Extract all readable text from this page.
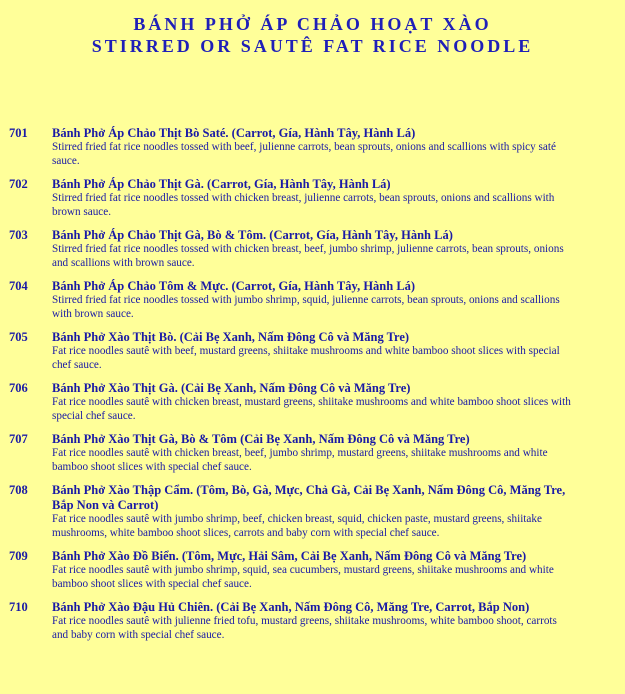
BÁNH PHỞ ÁP CHẢO HOẠT XÀO
STIRRED OR SAUTÊ FAT RICE NOODLE
701	Bánh Phở Áp Chảo Thịt Bò Saté. (Carrot, Gía, Hành Tây, Hành Lá)
Stirred fried fat rice noodles tossed with beef, julienne carrots, bean sprouts, onions and scallions with spicy saté sauce.
702	Bánh Phở Áp Chảo Thịt Gà. (Carrot, Gía, Hành Tây, Hành Lá)
Stirred fried fat rice noodles tossed with chicken breast, julienne carrots, bean sprouts, onions and scallions with brown sauce.
703	Bánh Phở Áp Chảo Thịt Gà, Bò & Tôm. (Carrot, Gía, Hành Tây, Hành Lá)
Stirred fried fat rice noodles tossed with chicken breast, beef, jumbo shrimp, julienne carrots, bean sprouts, onions and scallions with brown sauce.
704	Bánh Phở Áp Chảo Tôm & Mực. (Carrot, Gía, Hành Tây, Hành Lá)
Stirred fried fat rice noodles tossed with jumbo shrimp, squid, julienne carrots, bean sprouts, onions and scallions with brown sauce.
705	Bánh Phở Xào Thịt Bò. (Cải Bẹ Xanh, Nấm Đông Cô và Măng Tre)
Fat rice noodles sautê with beef, mustard greens, shiitake mushrooms and white bamboo shoot slices with special chef sauce.
706	Bánh Phở Xào Thịt Gà. (Cải Bẹ Xanh, Nấm Đông Cô và Măng Tre)
Fat rice noodles sautê with chicken breast, mustard greens, shiitake mushrooms and white bamboo shoot slices with special chef sauce.
707	Bánh Phở Xào Thịt Gà, Bò & Tôm (Cải Bẹ Xanh, Nấm Đông Cô và Măng Tre)
Fat rice noodles sautê with chicken breast, beef, jumbo shrimp, mustard greens, shiitake mushrooms and white bamboo shoot slices with special chef sauce.
708	Bánh Phở Xào Thập Cẩm. (Tôm, Bò, Gà, Mực, Chả Gà, Cải Bẹ Xanh, Nấm Đông Cô, Măng Tre, Bắp Non và Carrot)
Fat rice noodles sautê with jumbo shrimp, beef, chicken breast, squid, chicken paste, mustard greens, shiitake mushrooms, white bamboo shoot slices, carrots and baby corn with special chef sauce.
709	Bánh Phở Xào Đồ Biển. (Tôm, Mực, Hải Sâm, Cải Bẹ Xanh, Nấm Đông Cô và Măng Tre)
Fat rice noodles sautê with jumbo shrimp, squid, sea cucumbers, mustard greens, shiitake mushrooms and white bamboo shoot slices with special chef sauce.
710	Bánh Phở Xào Đậu Hủ Chiên. (Cải Bẹ Xanh, Nấm Đông Cô, Măng Tre, Carrot, Bắp Non)
Fat rice noodles sautê with julienne fried tofu, mustard greens, shiitake mushrooms, white bamboo shoot, carrots and baby corn with special chef sauce.
